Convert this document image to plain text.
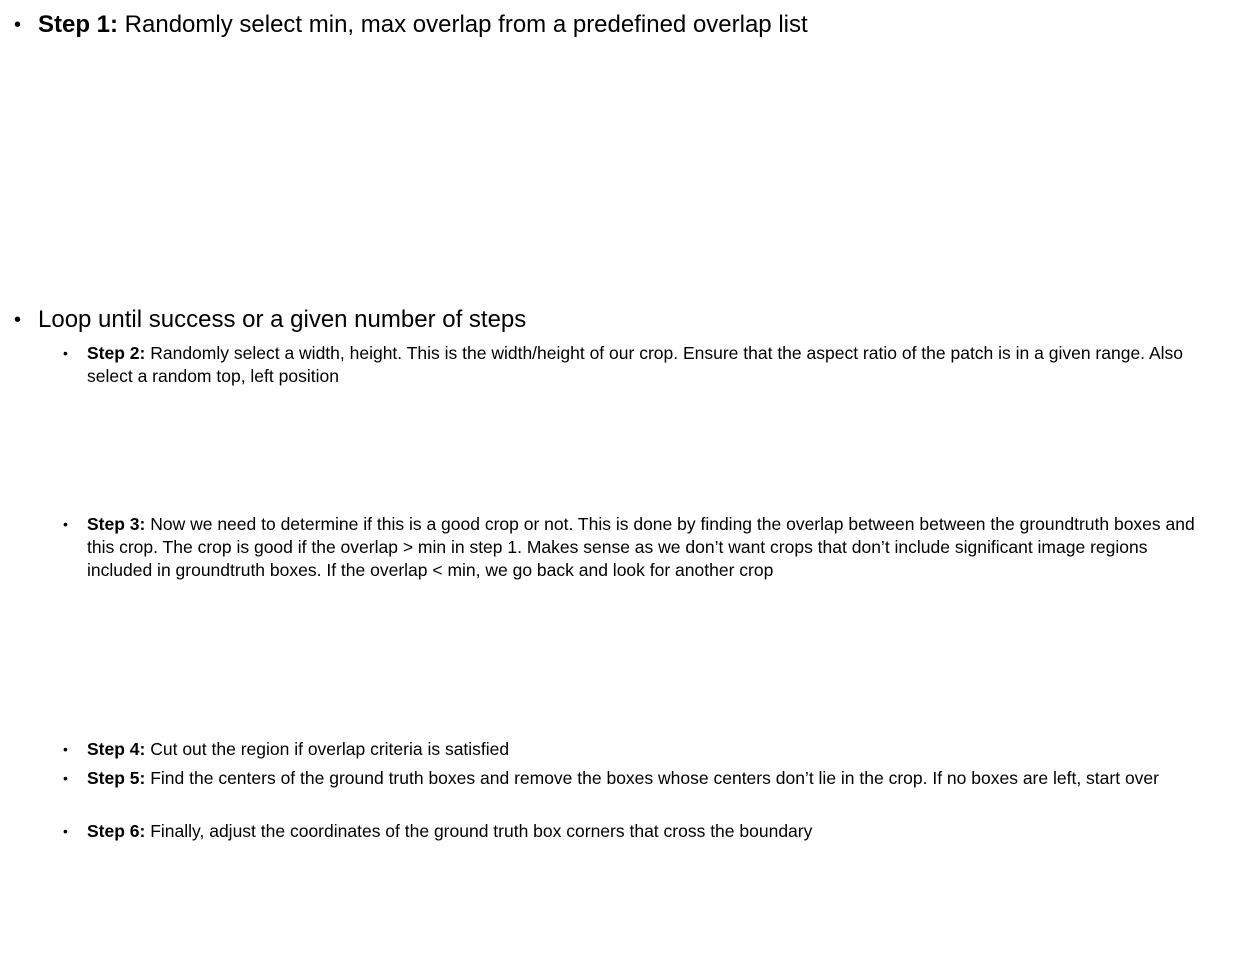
• Step 1: Randomly select min, max overlap from a predefined overlap list
• Loop until success or a given number of steps
•	Step 2: Randomly select a width, height. This is the width/height of our crop. Ensure that the aspect ratio of the patch is in a given range. Also select a random top, left position
•	Step 3: Now we need to determine if this is a good crop or not. This is done by finding the overlap between between the groundtruth boxes and this crop. The crop is good if the overlap > min in step 1. Makes sense as we don’t want crops that don’t include significant image regions included in groundtruth boxes. If the overlap < min, we go back and look for another crop
•	Step 4: Cut out the region if overlap criteria is satisfied
•	Step 5: Find the centers of the ground truth boxes and remove the boxes whose centers don’t lie in the crop. If no boxes are left, start over
•	Step 6: Finally, adjust the coordinates of the ground truth box corners that cross the boundary
